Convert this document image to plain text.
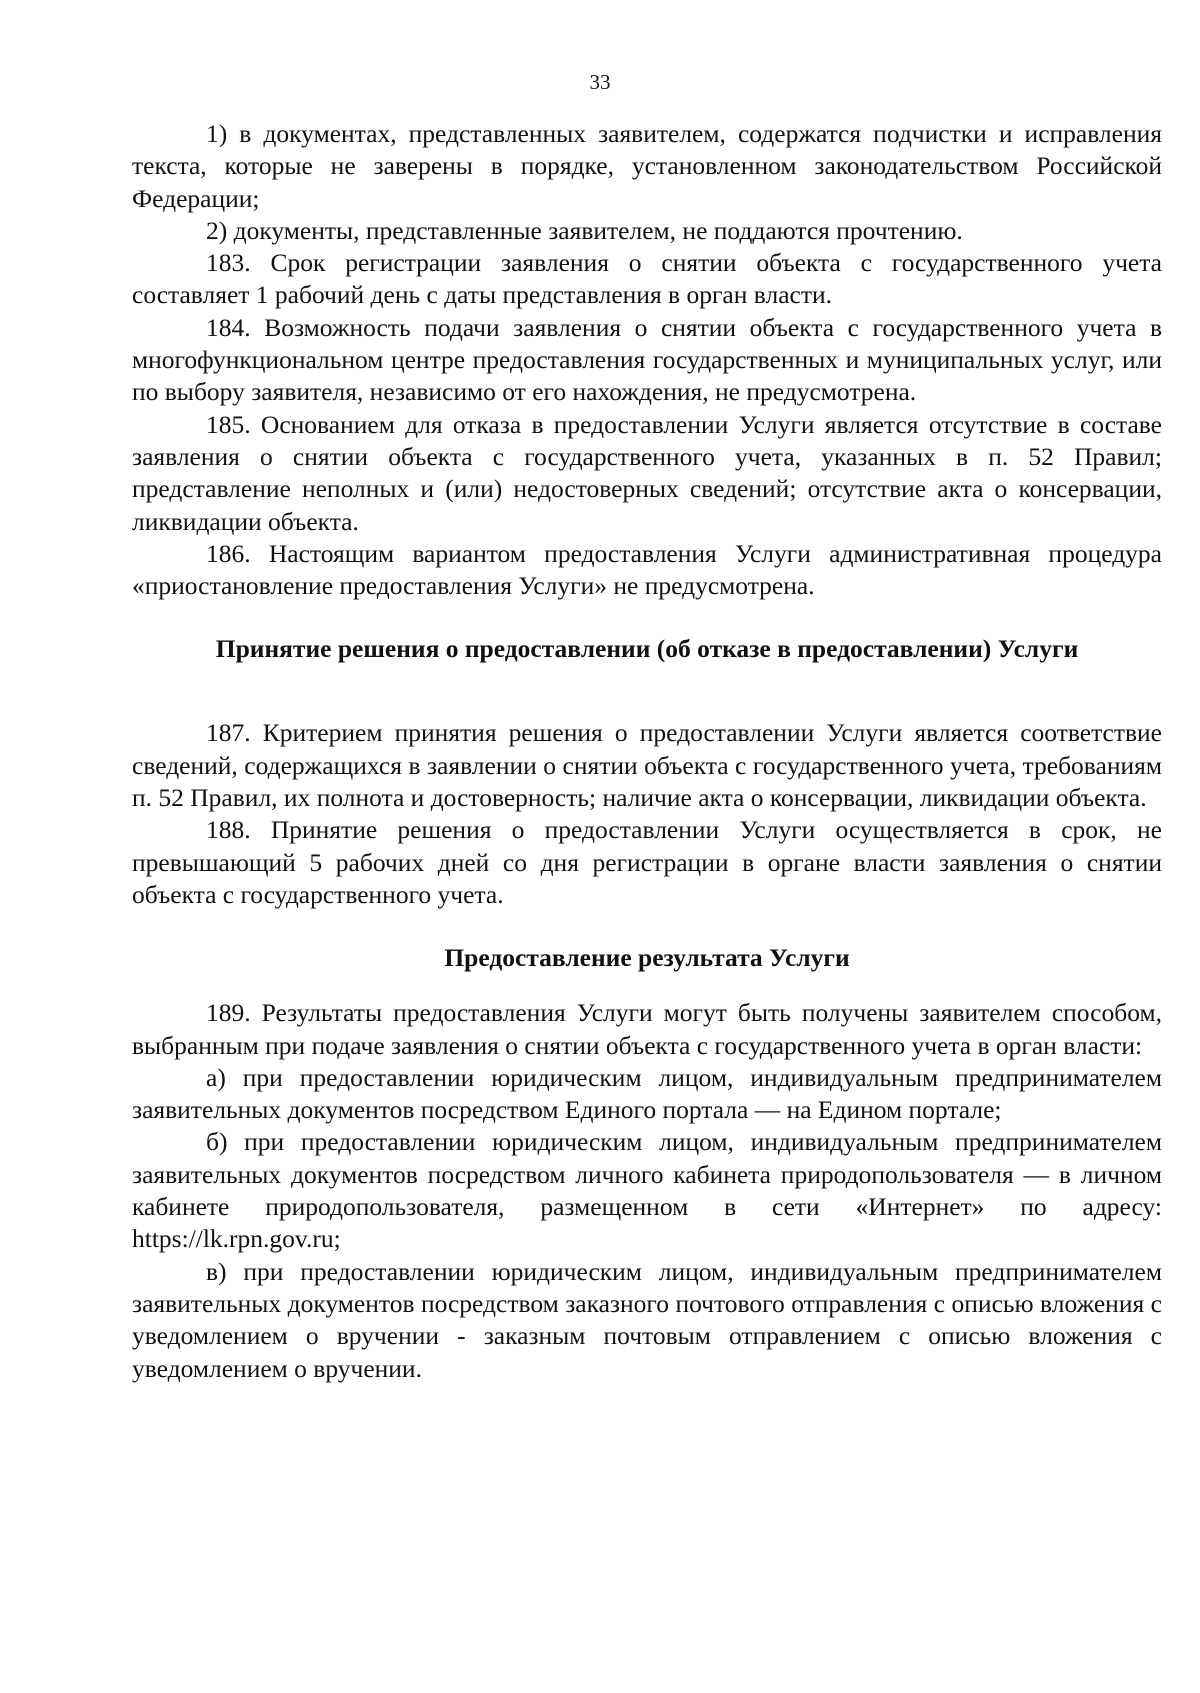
33

1) в документах, представленных заявителем, содержатся подчистки и исправления текста, которые не заверены в порядке, установленном законодательством Российской Федерации;

2) документы, представленные заявителем, не поддаются прочтению.

183. Срок регистрации заявления о снятии объекта с государственного учета составляет 1 рабочий день с даты представления в орган власти.

184. Возможность подачи заявления о снятии объекта с государственного учета в многофункциональном центре предоставления государственных и муниципальных услуг, или по выбору заявителя, независимо от его нахождения, не предусмотрена.

185. Основанием для отказа в предоставлении Услуги является отсутствие в составе заявления о снятии объекта с государственного учета, указанных в п. 52 Правил; представление неполных и (или) недостоверных сведений; отсутствие акта о консервации, ликвидации объекта.

186. Настоящим вариантом предоставления Услуги административная процедура «приостановление предоставления Услуги» не предусмотрена.

Принятие решения о предоставлении (об отказе в предоставлении) Услуги

187. Критерием принятия решения о предоставлении Услуги является соответствие сведений, содержащихся в заявлении о снятии объекта с государственного учета, требованиям п. 52 Правил, их полнота и достоверность; наличие акта о консервации, ликвидации объекта.

188. Принятие решения о предоставлении Услуги осуществляется в срок, не превышающий 5 рабочих дней со дня регистрации в органе власти заявления о снятии объекта с государственного учета.

Предоставление результата Услуги

189. Результаты предоставления Услуги могут быть получены заявителем способом, выбранным при подаче заявления о снятии объекта с государственного учета в орган власти:

а) при предоставлении юридическим лицом, индивидуальным предпринимателем заявительных документов посредством Единого портала — на Едином портале;

б) при предоставлении юридическим лицом, индивидуальным предпринимателем заявительных документов посредством личного кабинета природопользователя — в личном кабинете природопользователя, размещенном в сети «Интернет» по адресу: https://lk.rpn.gov.ru;

в) при предоставлении юридическим лицом, индивидуальным предпринимателем заявительных документов посредством заказного почтового отправления с описью вложения с уведомлением о вручении - заказным почтовым отправлением с описью вложения с уведомлением о вручении.
